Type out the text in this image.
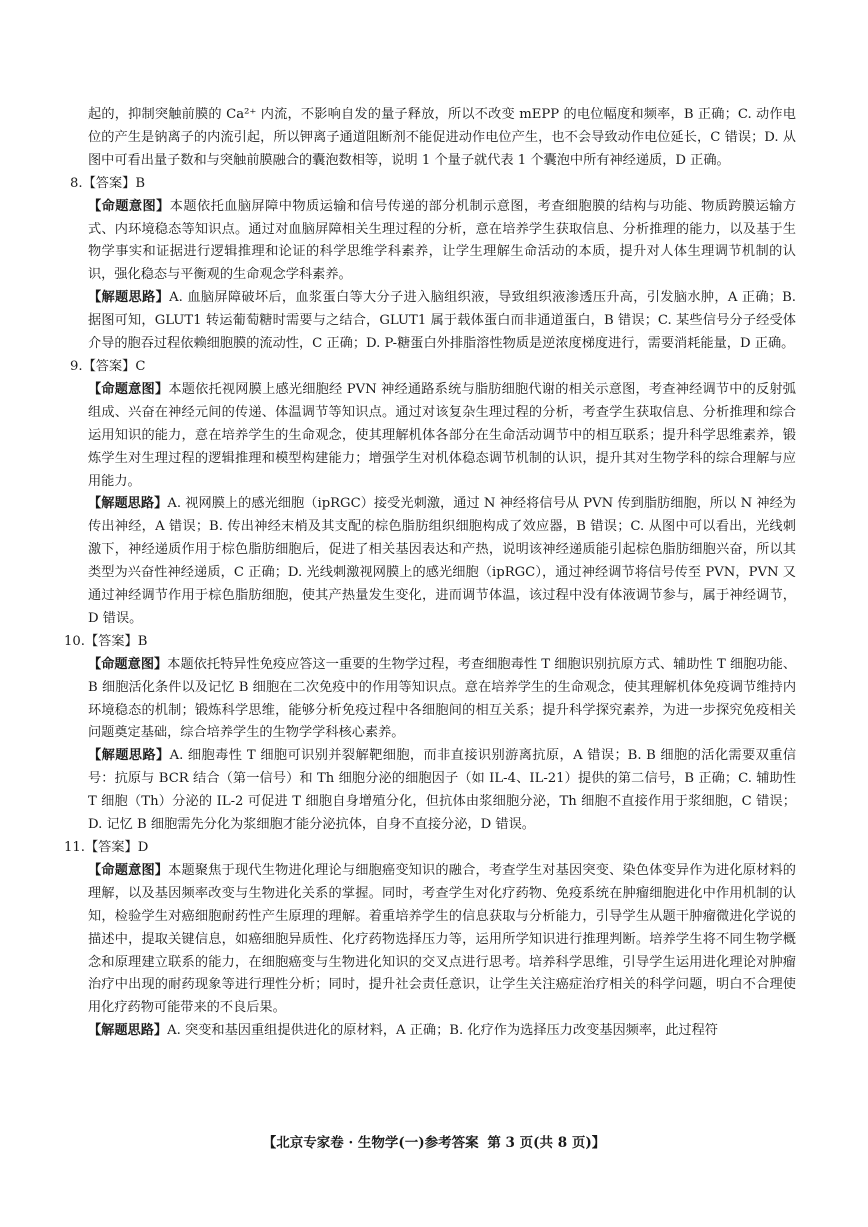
起的，抑制突触前膜的 Ca²⁺ 内流，不影响自发的量子释放，所以不改变 mEPP 的电位幅度和频率，B 正确；C. 动作电位的产生是钠离子的内流引起，所以钾离子通道阻断剂不能促进动作电位产生，也不会导致动作电位延长，C 错误；D. 从图中可看出量子数和与突触前膜融合的囊泡数相等，说明 1 个量子就代表 1 个囊泡中所有神经递质，D 正确。

8.【答案】B

【命题意图】本题依托血脑屏障中物质运输和信号传递的部分机制示意图，考查细胞膜的结构与功能、物质跨膜运输方式、内环境稳态等知识点。通过对血脑屏障相关生理过程的分析，意在培养学生获取信息、分析推理的能力，以及基于生物学事实和证据进行逻辑推理和论证的科学思维学科素养，让学生理解生命活动的本质，提升对人体生理调节机制的认识，强化稳态与平衡观的生命观念学科素养。

【解题思路】A. 血脑屏障破坏后，血浆蛋白等大分子进入脑组织液，导致组织液渗透压升高，引发脑水肿，A 正确；B. 据图可知，GLUT1 转运葡萄糖时需要与之结合，GLUT1 属于载体蛋白而非通道蛋白，B 错误；C. 某些信号分子经受体介导的胞吞过程依赖细胞膜的流动性，C 正确；D. P-糖蛋白外排脂溶性物质是逆浓度梯度进行，需要消耗能量，D 正确。

9.【答案】C

【命题意图】本题依托视网膜上感光细胞经 PVN 神经通路系统与脂肪细胞代谢的相关示意图，考查神经调节中的反射弧组成、兴奋在神经元间的传递、体温调节等知识点。通过对该复杂生理过程的分析，考查学生获取信息、分析推理和综合运用知识的能力，意在培养学生的生命观念，使其理解机体各部分在生命活动调节中的相互联系；提升科学思维素养，锻炼学生对生理过程的逻辑推理和模型构建能力；增强学生对机体稳态调节机制的认识，提升其对生物学科的综合理解与应用能力。

【解题思路】A. 视网膜上的感光细胞（ipRGC）接受光刺激，通过 N 神经将信号从 PVN 传到脂肪细胞，所以 N 神经为传出神经，A 错误；B. 传出神经末梢及其支配的棕色脂肪组织细胞构成了效应器，B 错误；C. 从图中可以看出，光线刺激下，神经递质作用于棕色脂肪细胞后，促进了相关基因表达和产热，说明该神经递质能引起棕色脂肪细胞兴奋，所以其类型为兴奋性神经递质，C 正确；D. 光线刺激视网膜上的感光细胞（ipRGC），通过神经调节将信号传至 PVN，PVN 又通过神经调节作用于棕色脂肪细胞，使其产热量发生变化，进而调节体温，该过程中没有体液调节参与，属于神经调节，D 错误。

10.【答案】B

【命题意图】本题依托特异性免疫应答这一重要的生物学过程，考查细胞毒性 T 细胞识别抗原方式、辅助性 T 细胞功能、B 细胞活化条件以及记忆 B 细胞在二次免疫中的作用等知识点。意在培养学生的生命观念，使其理解机体免疫调节维持内环境稳态的机制；锻炼科学思维，能够分析免疫过程中各细胞间的相互关系；提升科学探究素养，为进一步探究免疫相关问题奠定基础，综合培养学生的生物学学科核心素养。

【解题思路】A. 细胞毒性 T 细胞可识别并裂解靶细胞，而非直接识别游离抗原，A 错误；B. B 细胞的活化需要双重信号：抗原与 BCR 结合（第一信号）和 Th 细胞分泌的细胞因子（如 IL-4、IL-21）提供的第二信号，B 正确；C. 辅助性 T 细胞（Th）分泌的 IL-2 可促进 T 细胞自身增殖分化，但抗体由浆细胞分泌，Th 细胞不直接作用于浆细胞，C 错误；D. 记忆 B 细胞需先分化为浆细胞才能分泌抗体，自身不直接分泌，D 错误。

11.【答案】D

【命题意图】本题聚焦于现代生物进化理论与细胞癌变知识的融合，考查学生对基因突变、染色体变异作为进化原材料的理解，以及基因频率改变与生物进化关系的掌握。同时，考查学生对化疗药物、免疫系统在肿瘤细胞进化中作用机制的认知，检验学生对癌细胞耐药性产生原理的理解。着重培养学生的信息获取与分析能力，引导学生从题干肿瘤微进化学说的描述中，提取关键信息，如癌细胞异质性、化疗药物选择压力等，运用所学知识进行推理判断。培养学生将不同生物学概念和原理建立联系的能力，在细胞癌变与生物进化知识的交叉点进行思考。培养科学思维，引导学生运用进化理论对肿瘤治疗中出现的耐药现象等进行理性分析；同时，提升社会责任意识，让学生关注癌症治疗相关的科学问题，明白不合理使用化疗药物可能带来的不良后果。

【解题思路】A. 突变和基因重组提供进化的原材料，A 正确；B. 化疗作为选择压力改变基因频率，此过程符

【北京专家卷 · 生物学(一)参考答案 第 3 页(共 8 页)】
